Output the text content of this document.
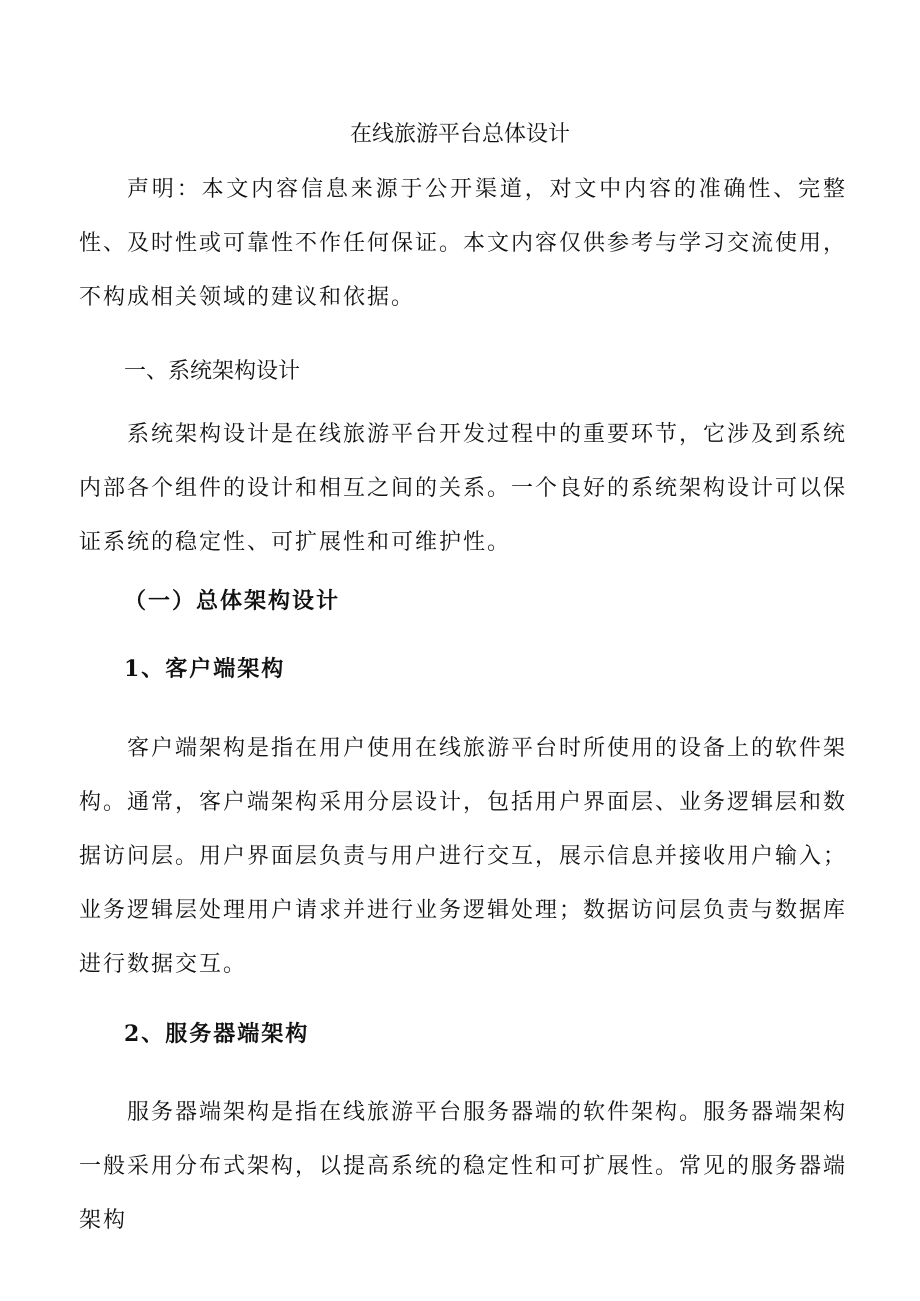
在线旅游平台总体设计

声明：本文内容信息来源于公开渠道，对文中内容的准确性、完整性、及时性或可靠性不作任何保证。本文内容仅供参考与学习交流使用，不构成相关领域的建议和依据。

一、系统架构设计

系统架构设计是在线旅游平台开发过程中的重要环节，它涉及到系统内部各个组件的设计和相互之间的关系。一个良好的系统架构设计可以保证系统的稳定性、可扩展性和可维护性。

（一）总体架构设计
1、客户端架构

客户端架构是指在用户使用在线旅游平台时所使用的设备上的软件架构。通常，客户端架构采用分层设计，包括用户界面层、业务逻辑层和数据访问层。用户界面层负责与用户进行交互，展示信息并接收用户输入；业务逻辑层处理用户请求并进行业务逻辑处理；数据访问层负责与数据库进行数据交互。

2、服务器端架构

服务器端架构是指在线旅游平台服务器端的软件架构。服务器端架构一般采用分布式架构，以提高系统的稳定性和可扩展性。常见的服务器端架构
